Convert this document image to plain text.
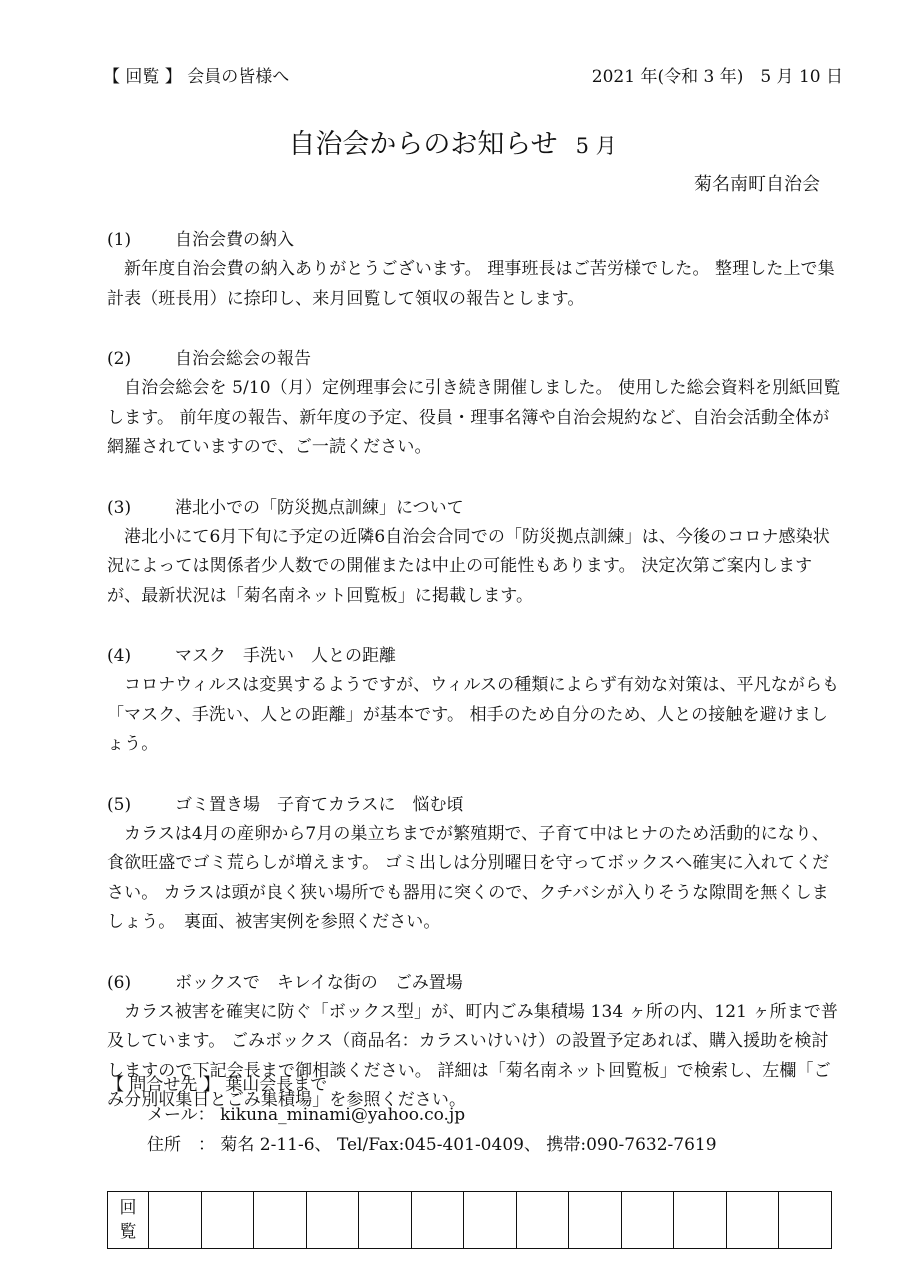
【 回覧 】 会員の皆様へ	2021 年(令和 3 年)　5 月 10 日
自治会からのお知らせ 5 月
菊名南町自治会
(1)	自治会費の納入
新年度自治会費の納入ありがとうございます。 理事班長はご苦労様でした。 整理した上で集計表（班長用）に捺印し、来月回覧して領収の報告とします。
(2)	自治会総会の報告
自治会総会を 5/10（月）定例理事会に引き続き開催しました。 使用した総会資料を別紙回覧します。 前年度の報告、新年度の予定、役員・理事名簿や自治会規約など、自治会活動全体が網羅されていますので、ご一読ください。
(3)	港北小での「防災拠点訓練」について
港北小にて6月下旬に予定の近隣6自治会合同での「防災拠点訓練」は、今後のコロナ感染状況によっては関係者少人数での開催または中止の可能性もあります。 決定次第ご案内しますが、最新状況は「菊名南ネット回覧板」に掲載します。
(4)	マスク　手洗い　人との距離
コロナウィルスは変異するようですが、ウィルスの種類によらず有効な対策は、平凡ながらも「マスク、手洗い、人との距離」が基本です。 相手のため自分のため、人との接触を避けましょう。
(5)	ゴミ置き場　子育てカラスに　悩む頃
カラスは4月の産卵から7月の巣立ちまでが繁殖期で、子育て中はヒナのため活動的になり、食欲旺盛でゴミ荒らしが増えます。 ゴミ出しは分別曜日を守ってボックスへ確実に入れてください。 カラスは頭が良く狭い場所でも器用に突くので、クチバシが入りそうな隙間を無くしましょう。　裏面、被害実例を参照ください。
(6)	ボックスで　キレイな街の　ごみ置場
カラス被害を確実に防ぐ「ボックス型」が、町内ごみ集積場 134 ヶ所の内、121 ヶ所まで普及しています。 ごみボックス（商品名：カラスいけいけ）の設置予定あれば、購入援助を検討しますので下記会長まで御相談ください。 詳細は「菊名南ネット回覧板」で検索し、左欄「ごみ分別収集日とごみ集積場」を参照ください。
【 問合せ先 】 葉山会長まで
メール： kikuna_minami@yahoo.co.jp
住所　： 菊名 2-11-6、 Tel/Fax:045-401-0409、 携帯:090-7632-7619
回
覧
